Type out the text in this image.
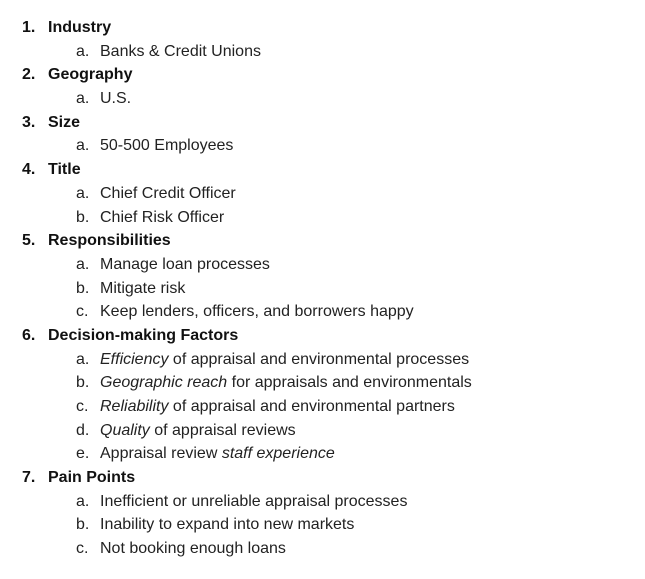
1. Industry
a. Banks & Credit Unions
2. Geography
a. U.S.
3. Size
a. 50-500 Employees
4. Title
a. Chief Credit Officer
b. Chief Risk Officer
5. Responsibilities
a. Manage loan processes
b. Mitigate risk
c. Keep lenders, officers, and borrowers happy
6. Decision-making Factors
a. Efficiency of appraisal and environmental processes
b. Geographic reach for appraisals and environmentals
c. Reliability of appraisal and environmental partners
d. Quality of appraisal reviews
e. Appraisal review staff experience
7. Pain Points
a. Inefficient or unreliable appraisal processes
b. Inability to expand into new markets
c. Not booking enough loans
